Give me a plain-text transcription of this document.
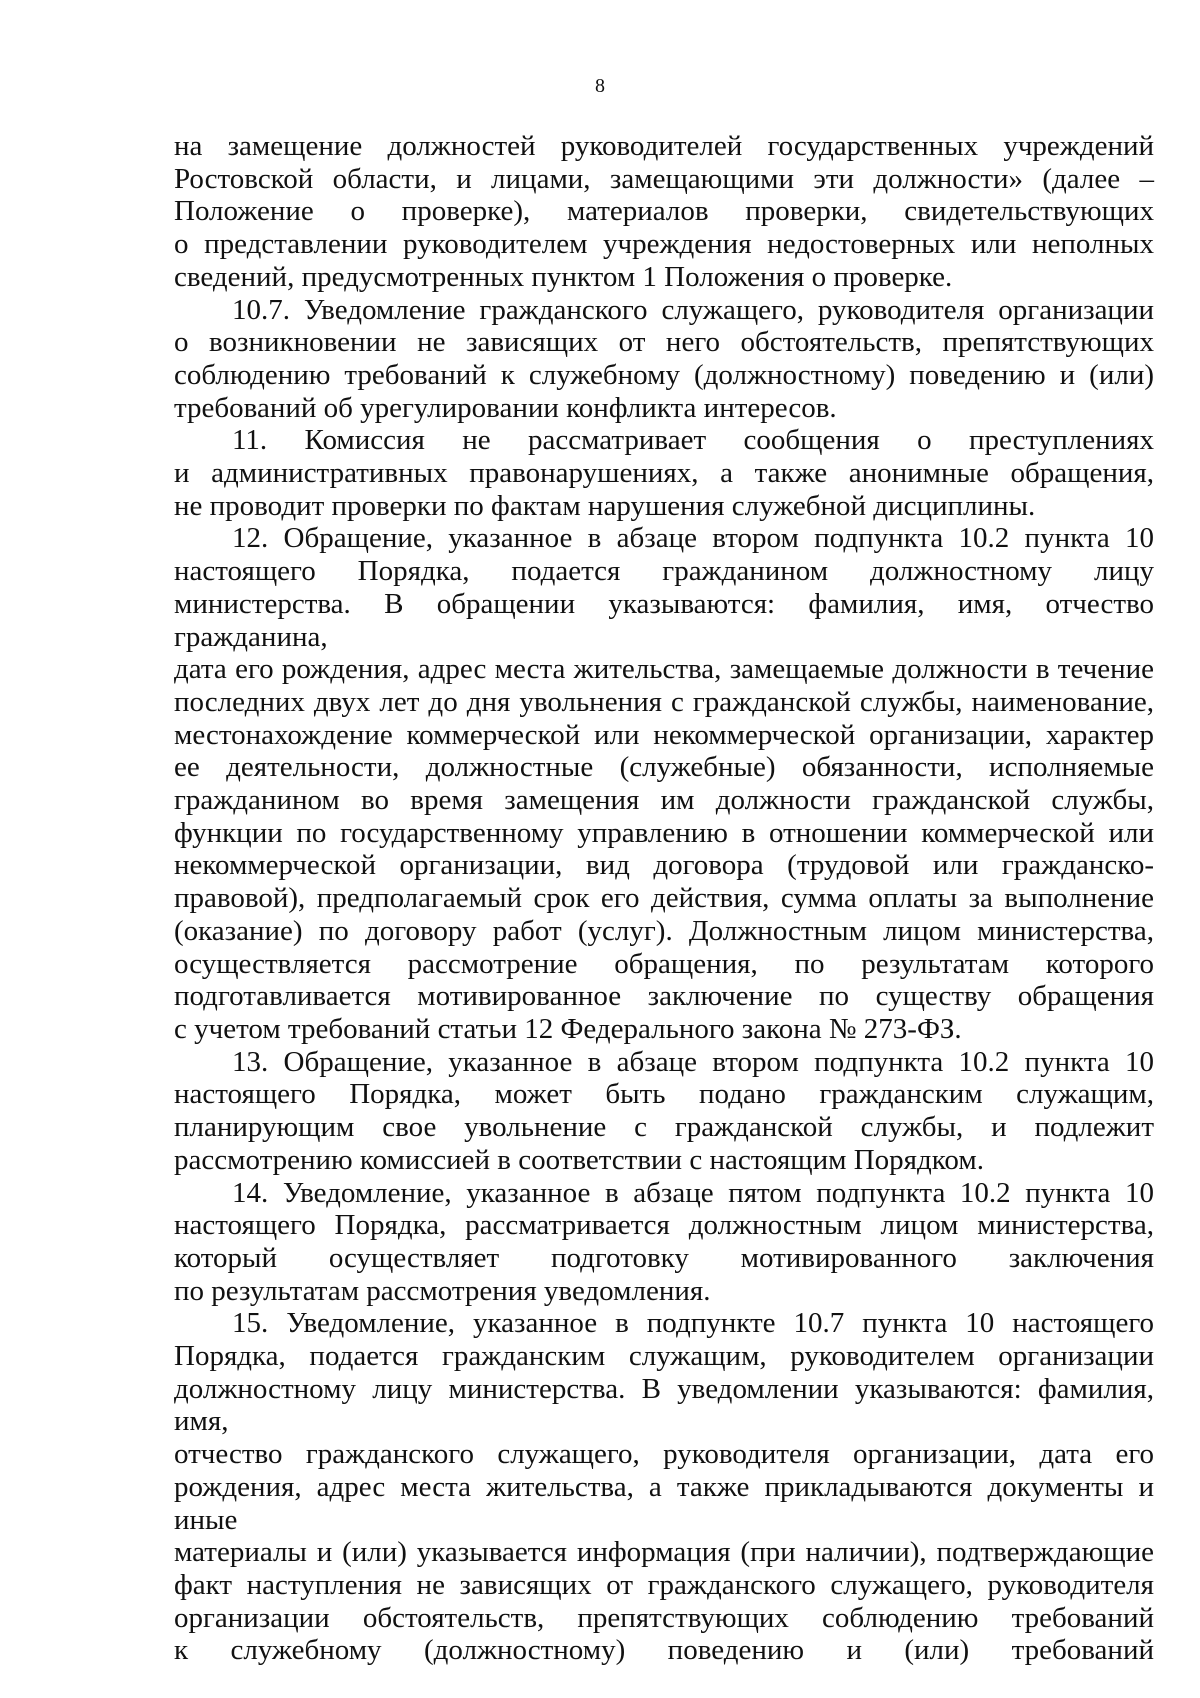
8

на замещение должностей руководителей государственных учреждений
Ростовской области, и лицами, замещающими эти должности» (далее –
Положение о проверке), материалов проверки, свидетельствующих
о представлении руководителем учреждения недостоверных или неполных
сведений, предусмотренных пунктом 1 Положения о проверке.

10.7. Уведомление гражданского служащего, руководителя организации
о возникновении не зависящих от него обстоятельств, препятствующих
соблюдению требований к служебному (должностному) поведению и (или)
требований об урегулировании конфликта интересов.

11. Комиссия не рассматривает сообщения о преступлениях
и административных правонарушениях, а также анонимные обращения,
не проводит проверки по фактам нарушения служебной дисциплины.

12. Обращение, указанное в абзаце втором подпункта 10.2 пункта 10
настоящего Порядка, подается гражданином должностному лицу
министерства. В обращении указываются: фамилия, имя, отчество гражданина,
дата его рождения, адрес места жительства, замещаемые должности в течение
последних двух лет до дня увольнения с гражданской службы, наименование,
местонахождение коммерческой или некоммерческой организации, характер
ее деятельности, должностные (служебные) обязанности, исполняемые
гражданином во время замещения им должности гражданской службы,
функции по государственному управлению в отношении коммерческой или
некоммерческой организации, вид договора (трудовой или гражданско-
правовой), предполагаемый срок его действия, сумма оплаты за выполнение
(оказание) по договору работ (услуг). Должностным лицом министерства,
осуществляется рассмотрение обращения, по результатам которого
подготавливается мотивированное заключение по существу обращения
с учетом требований статьи 12 Федерального закона № 273-ФЗ.

13. Обращение, указанное в абзаце втором подпункта 10.2 пункта 10
настоящего Порядка, может быть подано гражданским служащим,
планирующим свое увольнение с гражданской службы, и подлежит
рассмотрению комиссией в соответствии с настоящим Порядком.

14. Уведомление, указанное в абзаце пятом подпункта 10.2 пункта 10
настоящего Порядка, рассматривается должностным лицом министерства,
который осуществляет подготовку мотивированного заключения
по результатам рассмотрения уведомления.

15. Уведомление, указанное в подпункте 10.7 пункта 10 настоящего
Порядка, подается гражданским служащим, руководителем организации
должностному лицу министерства. В уведомлении указываются: фамилия, имя,
отчество гражданского служащего, руководителя организации, дата его
рождения, адрес места жительства, а также прикладываются документы и иные
материалы и (или) указывается информация (при наличии), подтверждающие
факт наступления не зависящих от гражданского служащего, руководителя
организации обстоятельств, препятствующих соблюдению требований
к служебному (должностному) поведению и (или) требований
